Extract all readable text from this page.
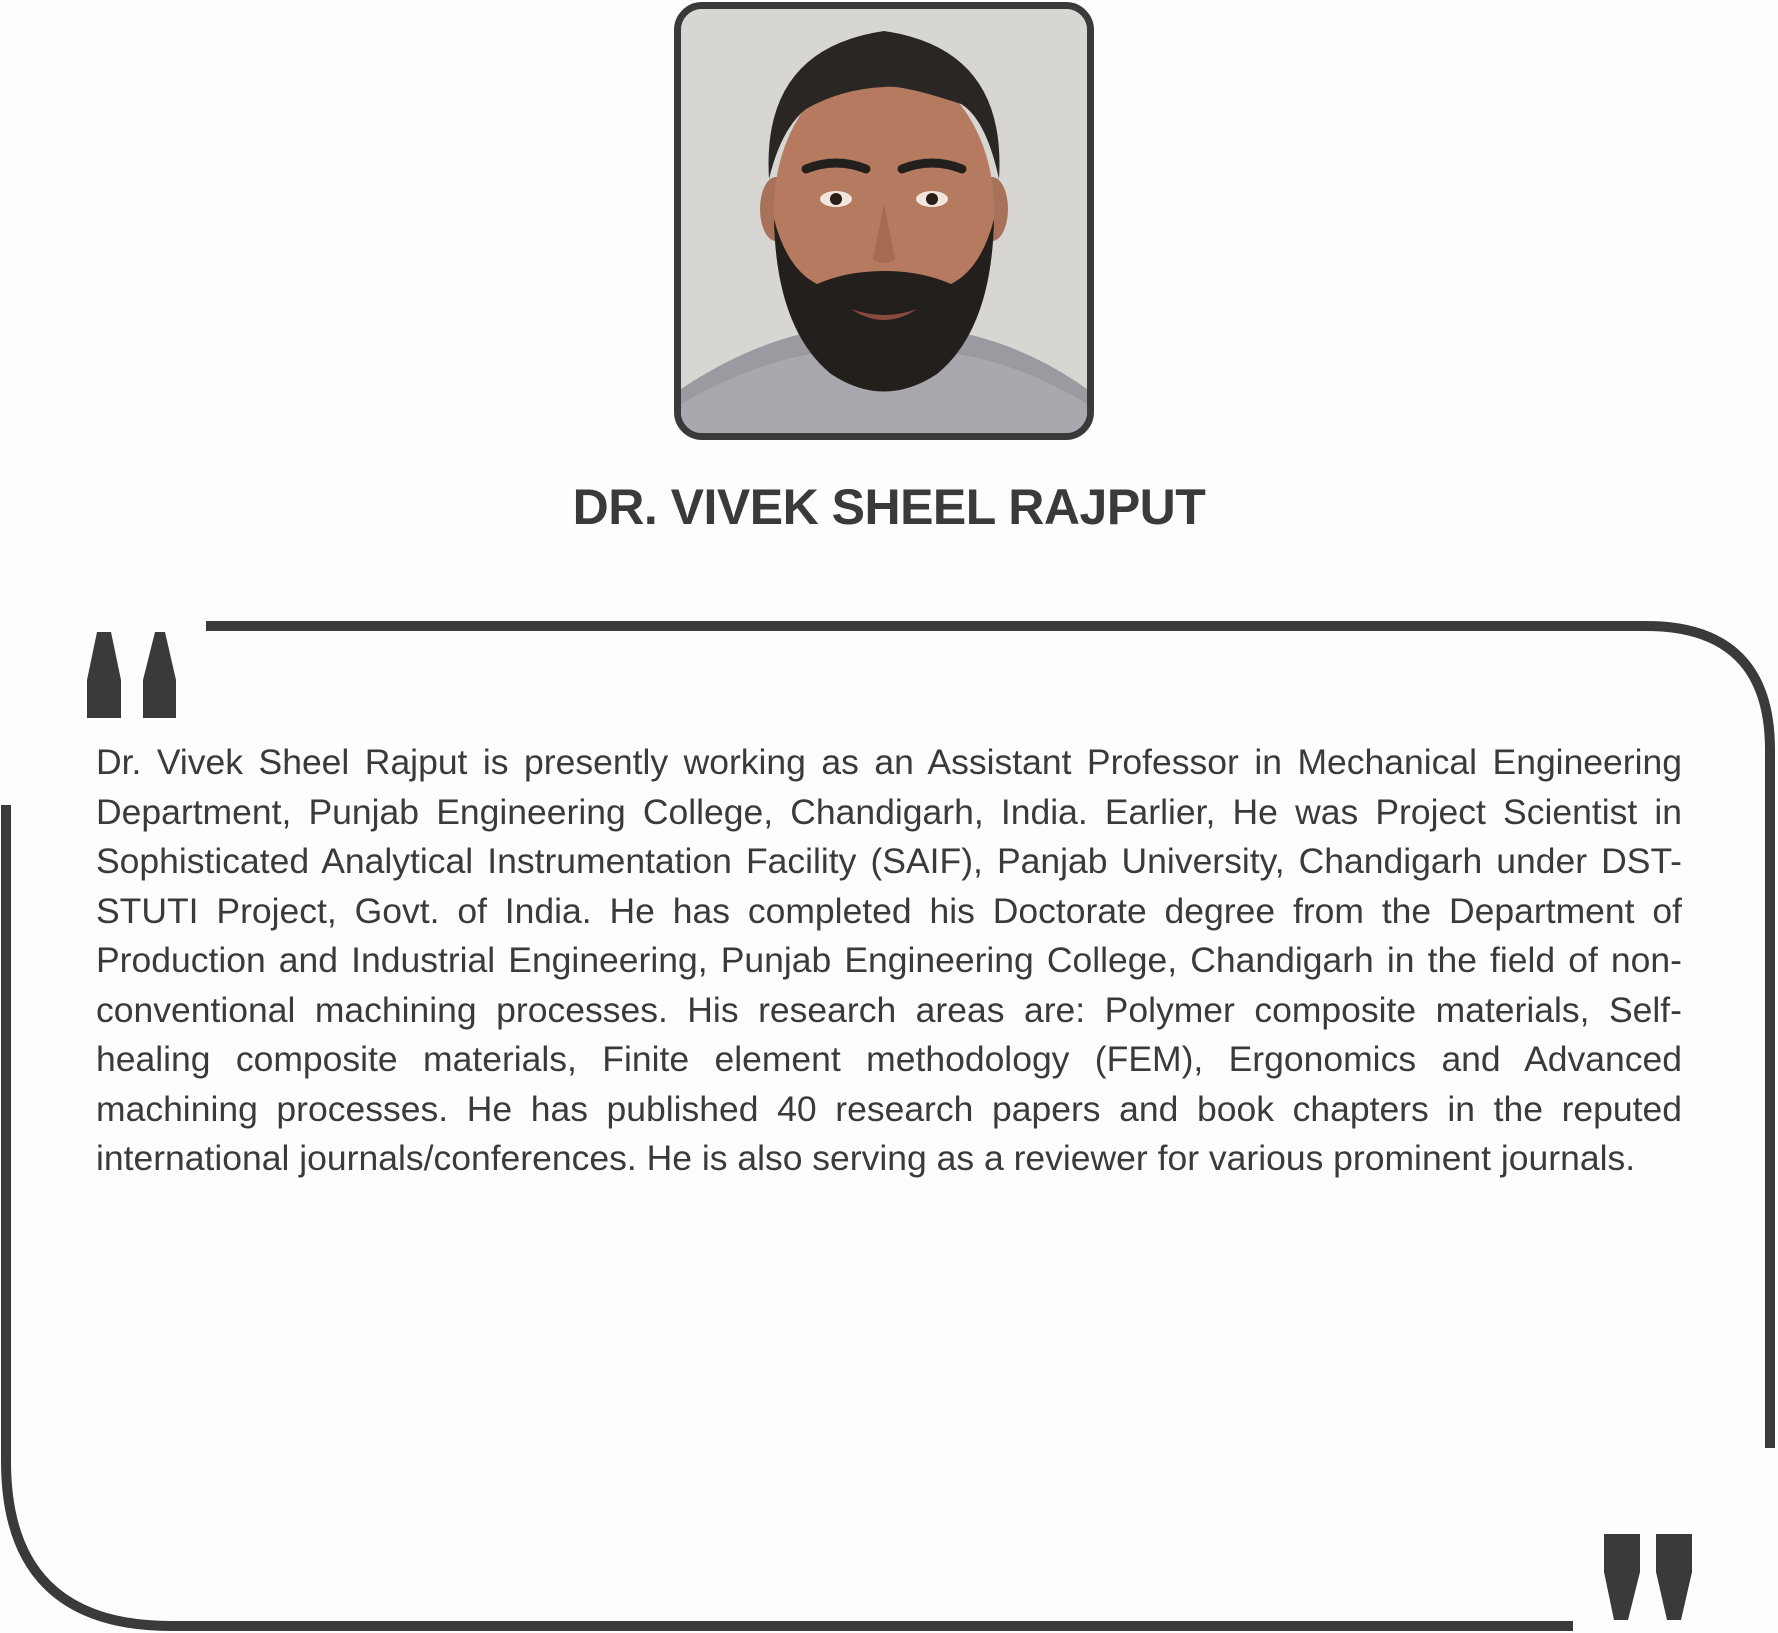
DR. VIVEK SHEEL RAJPUT

Dr. Vivek Sheel Rajput is presently working as an Assistant Professor in Mechanical Engineering Department, Punjab Engineering College, Chandigarh, India. Earlier, He was Project Scientist in Sophisticated Analytical Instrumentation Facility (SAIF), Panjab University, Chandigarh under DST-STUTI Project, Govt. of India. He has completed his Doctorate degree from the Department of Production and Industrial Engineering, Punjab Engineering College, Chandigarh in the field of non-conventional machining processes. His research areas are: Polymer composite materials, Self-healing composite materials, Finite element methodology (FEM), Ergonomics and Advanced machining processes. He has published 40 research papers and book chapters in the reputed international journals/conferences. He is also serving as a reviewer for various prominent journals.
